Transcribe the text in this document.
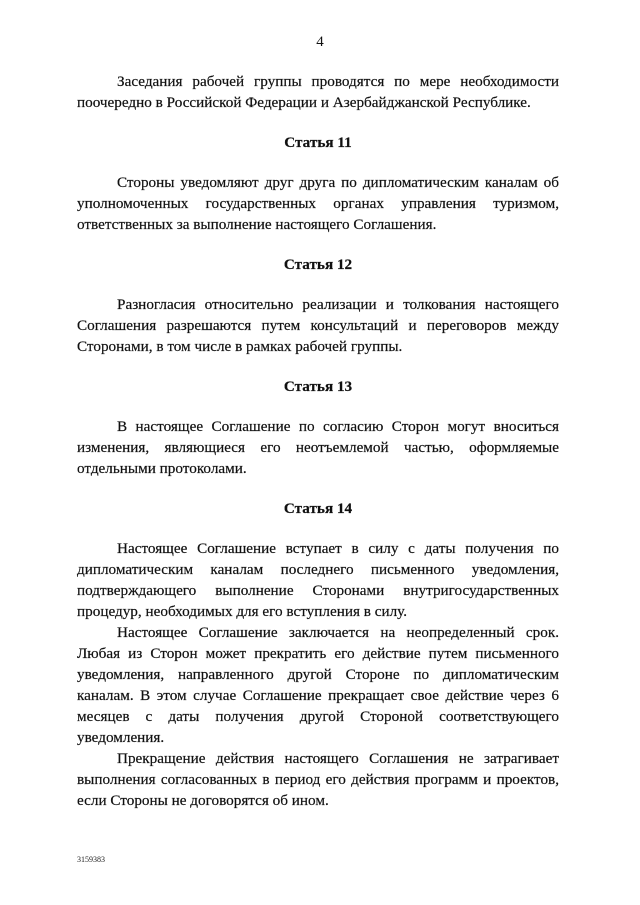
4

Заседания рабочей группы проводятся по мере необходимости поочередно в Российской Федерации и Азербайджанской Республике.

Статья 11

Стороны уведомляют друг друга по дипломатическим каналам об уполномоченных государственных органах управления туризмом, ответственных за выполнение настоящего Соглашения.

Статья 12

Разногласия относительно реализации и толкования настоящего Соглашения разрешаются путем консультаций и переговоров между Сторонами, в том числе в рамках рабочей группы.

Статья 13

В настоящее Соглашение по согласию Сторон могут вноситься изменения, являющиеся его неотъемлемой частью, оформляемые отдельными протоколами.

Статья 14

Настоящее Соглашение вступает в силу с даты получения по дипломатическим каналам последнего письменного уведомления, подтверждающего выполнение Сторонами внутригосударственных процедур, необходимых для его вступления в силу.

Настоящее Соглашение заключается на неопределенный срок. Любая из Сторон может прекратить его действие путем письменного уведомления, направленного другой Стороне по дипломатическим каналам. В этом случае Соглашение прекращает свое действие через 6 месяцев с даты получения другой Стороной соответствующего уведомления.

Прекращение действия настоящего Соглашения не затрагивает выполнения согласованных в период его действия программ и проектов, если Стороны не договорятся об ином.

3159383
